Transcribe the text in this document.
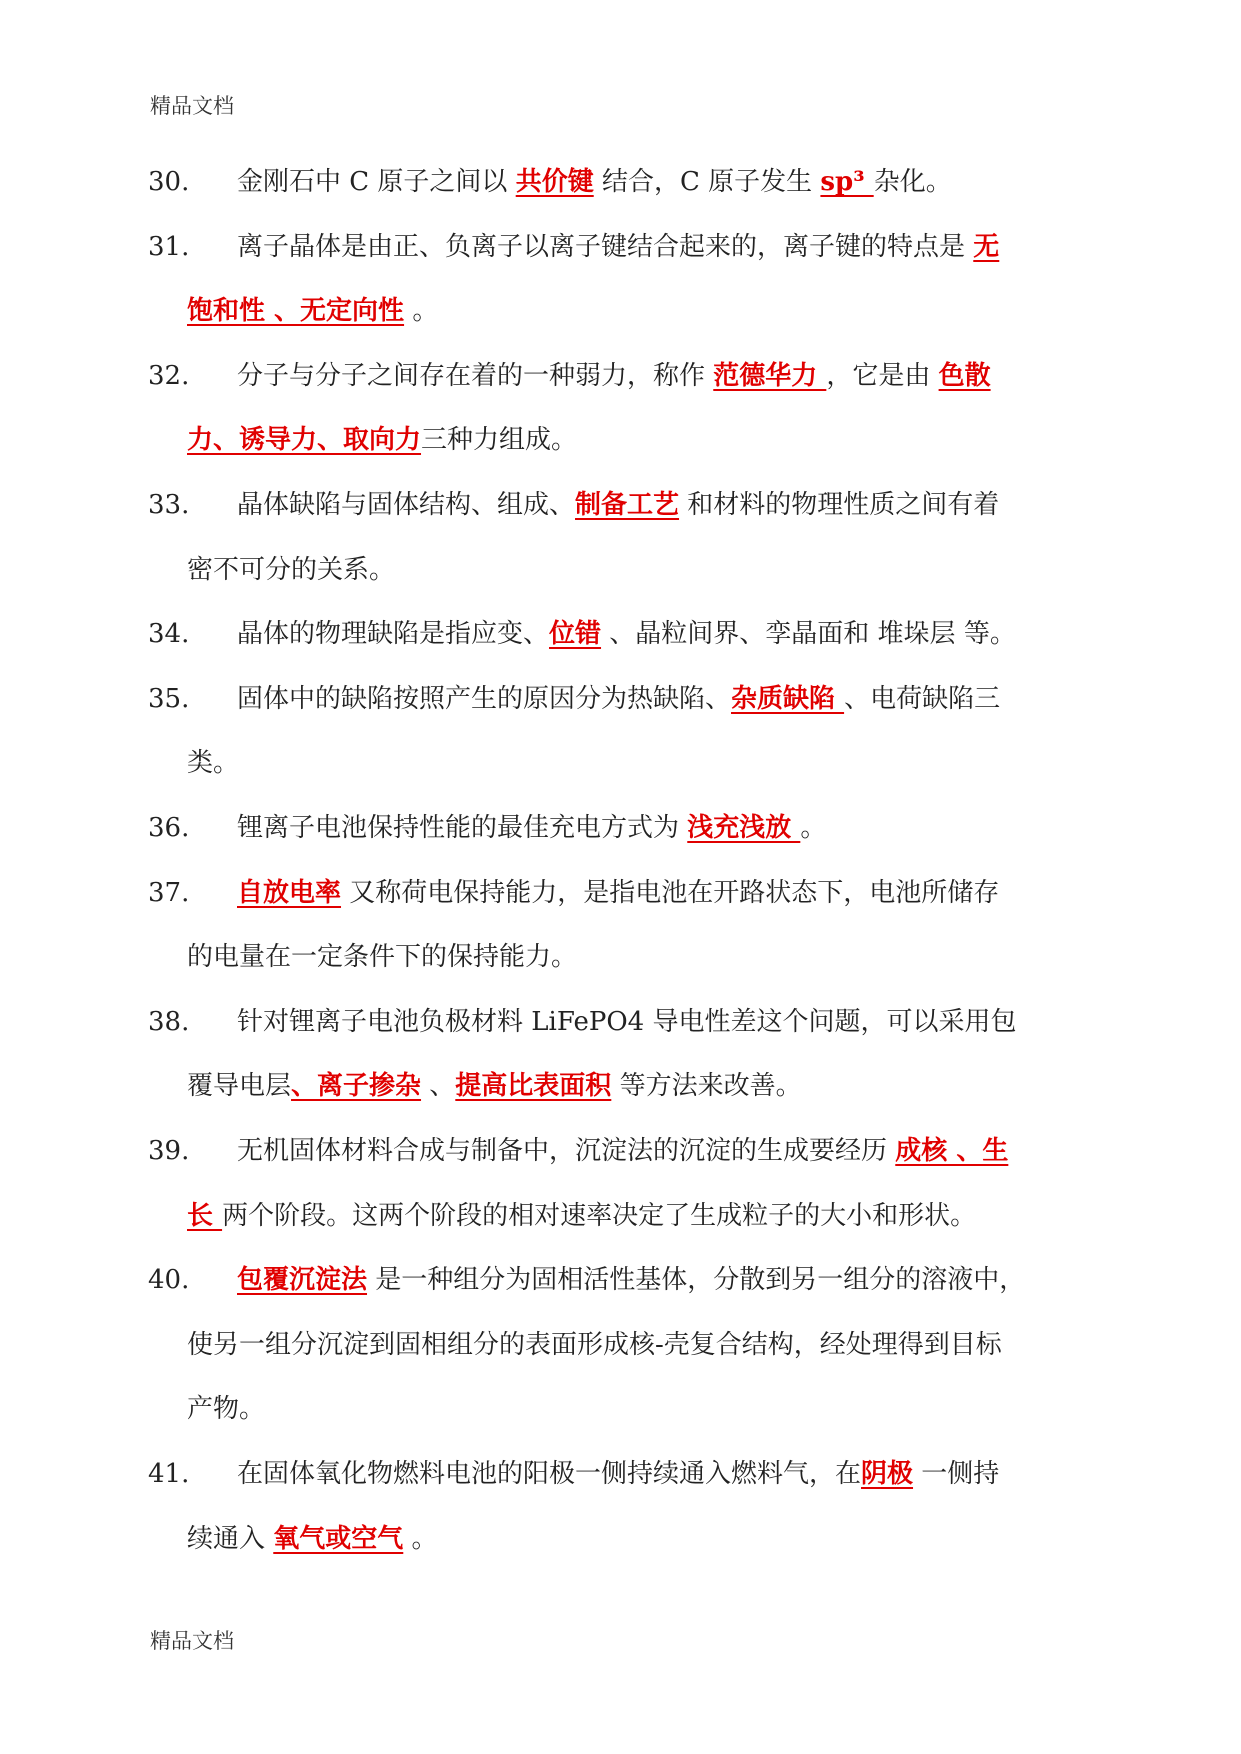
精品文档
30.	金刚石中 C 原子之间以 共价键 结合，C 原子发生 sp³ 杂化。
31.	离子晶体是由正、负离子以离子键结合起来的，离子键的特点是 无
饱和性 、无定向性 。
32.	分子与分子之间存在着的一种弱力，称作 范德华力 ，它是由 色散
力、诱导力、取向力三种力组成。
33.	晶体缺陷与固体结构、组成、制备工艺 和材料的物理性质之间有着
密不可分的关系。
34.	晶体的物理缺陷是指应变、位错 、晶粒间界、孪晶面和 堆垛层 等。
35.	固体中的缺陷按照产生的原因分为热缺陷、杂质缺陷 、电荷缺陷三
类。
36.	锂离子电池保持性能的最佳充电方式为 浅充浅放 。
37.	自放电率 又称荷电保持能力，是指电池在开路状态下，电池所储存
的电量在一定条件下的保持能力。
38.	针对锂离子电池负极材料 LiFePO4 导电性差这个问题，可以采用包
覆导电层、离子掺杂 、提高比表面积 等方法来改善。
39.	无机固体材料合成与制备中，沉淀法的沉淀的生成要经历 成核 、生
长 两个阶段。这两个阶段的相对速率决定了生成粒子的大小和形状。
40.	包覆沉淀法 是一种组分为固相活性基体，分散到另一组分的溶液中，
使另一组分沉淀到固相组分的表面形成核-壳复合结构，经处理得到目标
产物。
41.	在固体氧化物燃料电池的阳极一侧持续通入燃料气，在阴极 一侧持
续通入 氧气或空气 。
精品文档
